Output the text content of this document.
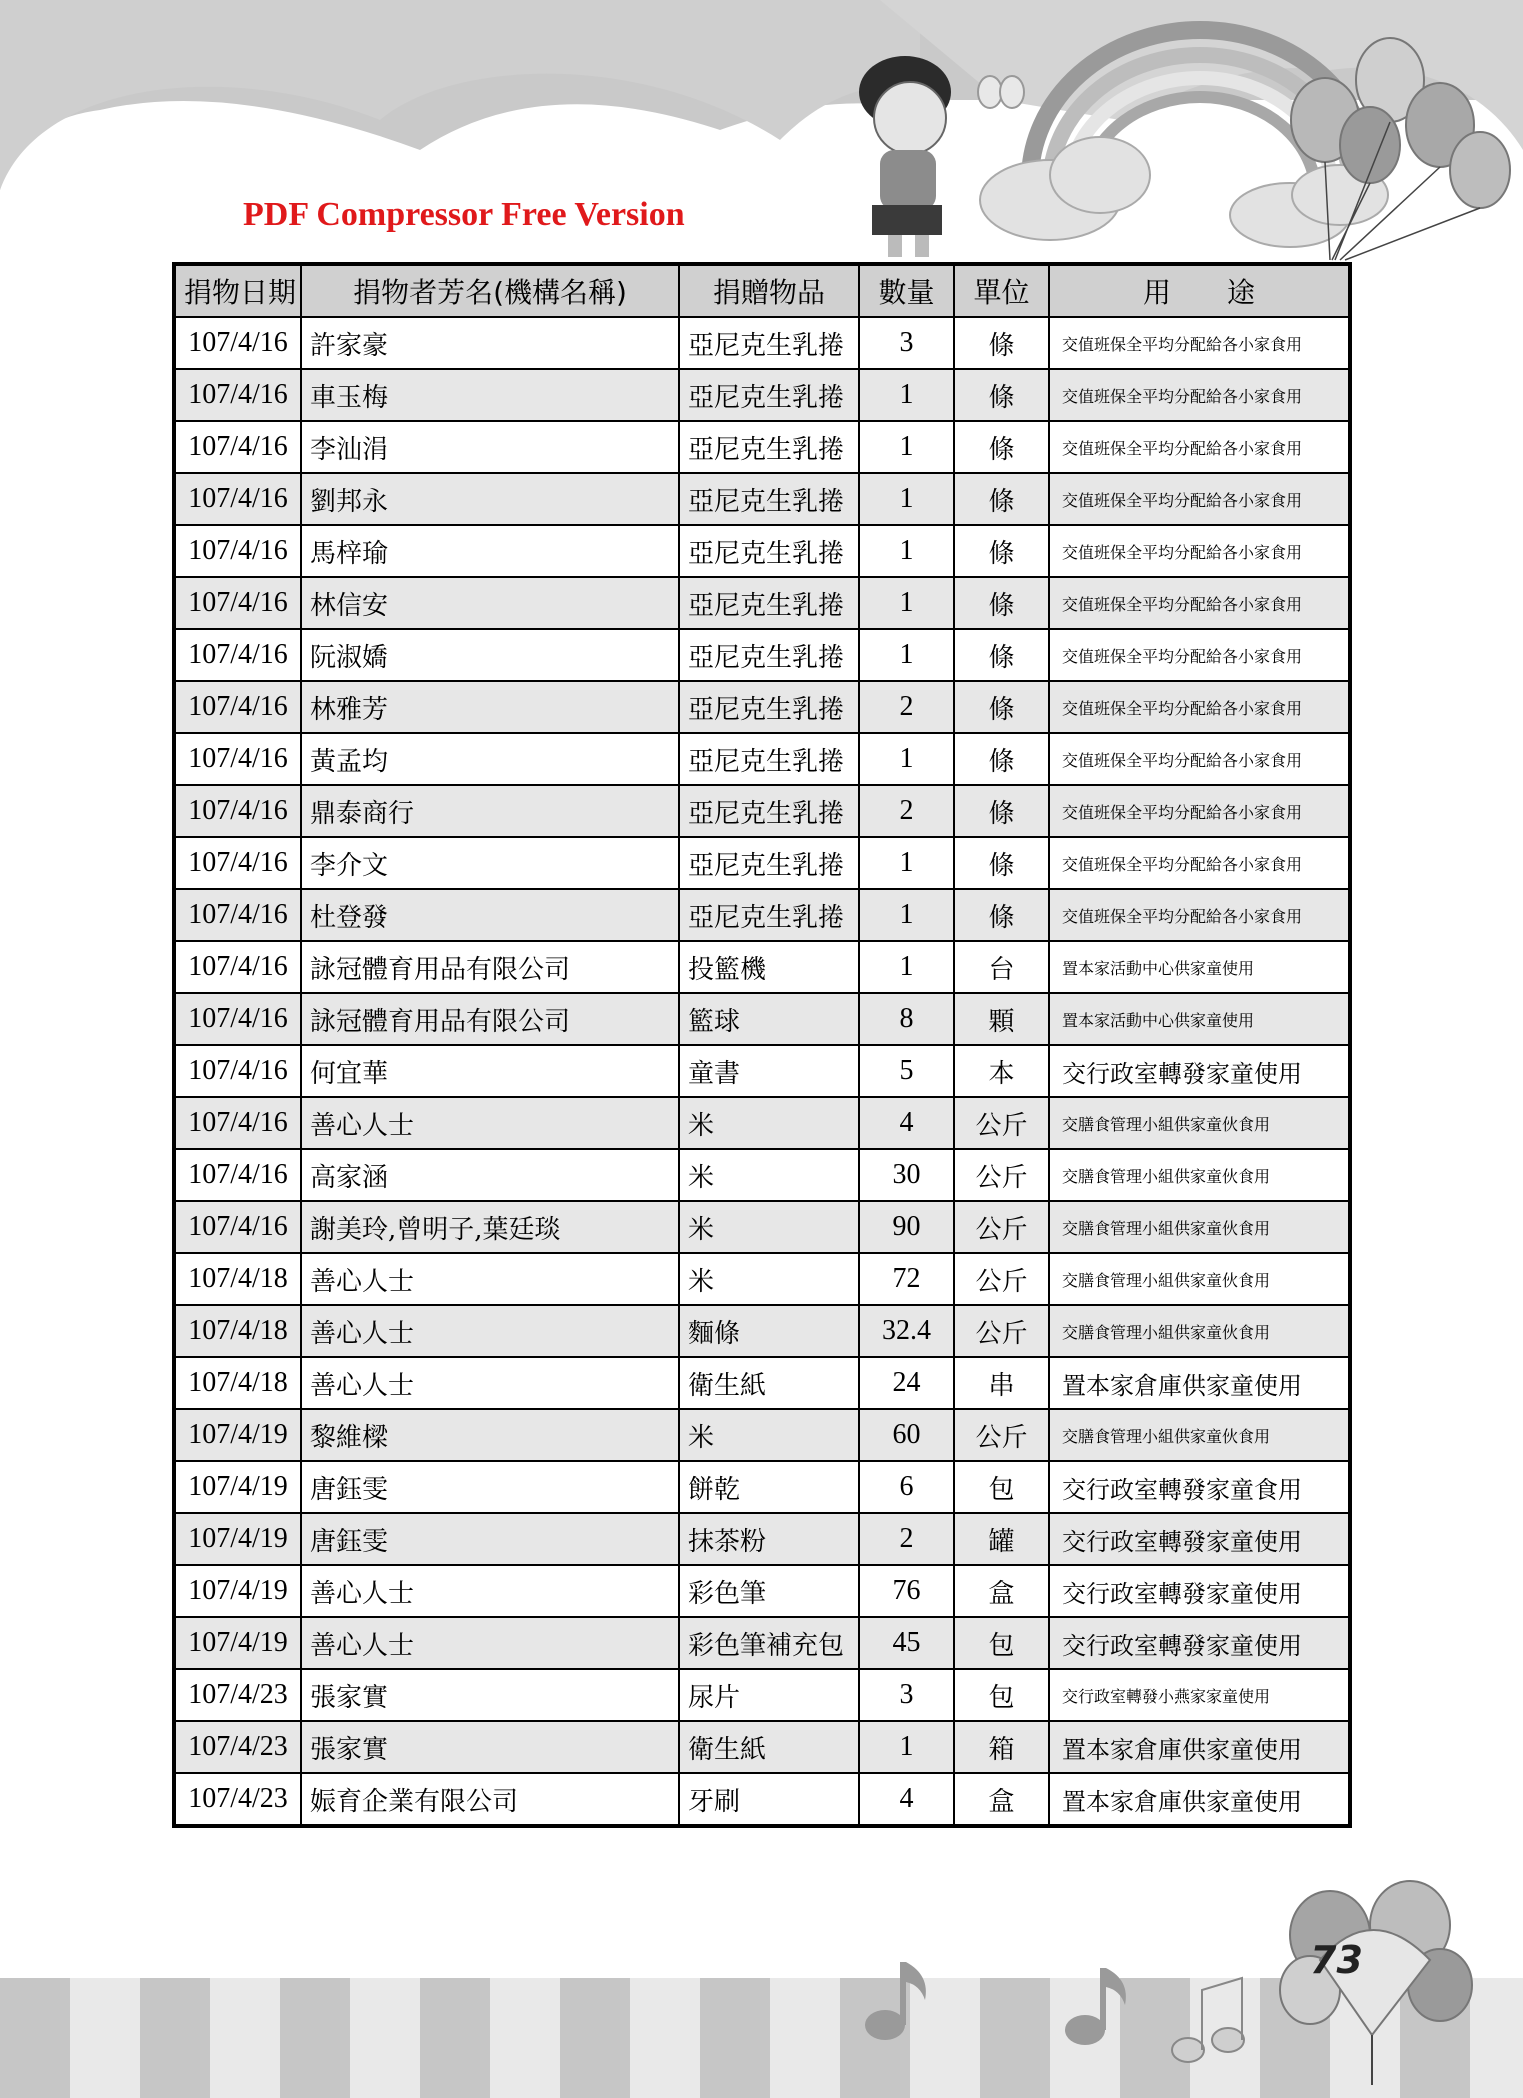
PDF Compressor Free Version
捐物日期	捐物者芳名(機構名稱)	捐贈物品	數量	單位	用　　途
107/4/16	許家豪	亞尼克生乳捲	3	條	交值班保全平均分配給各小家食用
107/4/16	車玉梅	亞尼克生乳捲	1	條	交值班保全平均分配給各小家食用
107/4/16	李汕涓	亞尼克生乳捲	1	條	交值班保全平均分配給各小家食用
107/4/16	劉邦永	亞尼克生乳捲	1	條	交值班保全平均分配給各小家食用
107/4/16	馬梓瑜	亞尼克生乳捲	1	條	交值班保全平均分配給各小家食用
107/4/16	林信安	亞尼克生乳捲	1	條	交值班保全平均分配給各小家食用
107/4/16	阮淑嬌	亞尼克生乳捲	1	條	交值班保全平均分配給各小家食用
107/4/16	林雅芳	亞尼克生乳捲	2	條	交值班保全平均分配給各小家食用
107/4/16	黃孟均	亞尼克生乳捲	1	條	交值班保全平均分配給各小家食用
107/4/16	鼎泰商行	亞尼克生乳捲	2	條	交值班保全平均分配給各小家食用
107/4/16	李介文	亞尼克生乳捲	1	條	交值班保全平均分配給各小家食用
107/4/16	杜登發	亞尼克生乳捲	1	條	交值班保全平均分配給各小家食用
107/4/16	詠冠體育用品有限公司	投籃機	1	台	置本家活動中心供家童使用
107/4/16	詠冠體育用品有限公司	籃球	8	顆	置本家活動中心供家童使用
107/4/16	何宜華	童書	5	本	交行政室轉發家童使用
107/4/16	善心人士	米	4	公斤	交膳食管理小組供家童伙食用
107/4/16	高家涵	米	30	公斤	交膳食管理小組供家童伙食用
107/4/16	謝美玲,曾明子,葉廷琰	米	90	公斤	交膳食管理小組供家童伙食用
107/4/18	善心人士	米	72	公斤	交膳食管理小組供家童伙食用
107/4/18	善心人士	麵條	32.4	公斤	交膳食管理小組供家童伙食用
107/4/18	善心人士	衛生紙	24	串	置本家倉庫供家童使用
107/4/19	黎維樑	米	60	公斤	交膳食管理小組供家童伙食用
107/4/19	唐鈺雯	餅乾	6	包	交行政室轉發家童食用
107/4/19	唐鈺雯	抹茶粉	2	罐	交行政室轉發家童使用
107/4/19	善心人士	彩色筆	76	盒	交行政室轉發家童使用
107/4/19	善心人士	彩色筆補充包	45	包	交行政室轉發家童使用
107/4/23	張家實	尿片	3	包	交行政室轉發小燕家家童使用
107/4/23	張家實	衛生紙	1	箱	置本家倉庫供家童使用
107/4/23	娠育企業有限公司	牙刷	4	盒	置本家倉庫供家童使用
73
